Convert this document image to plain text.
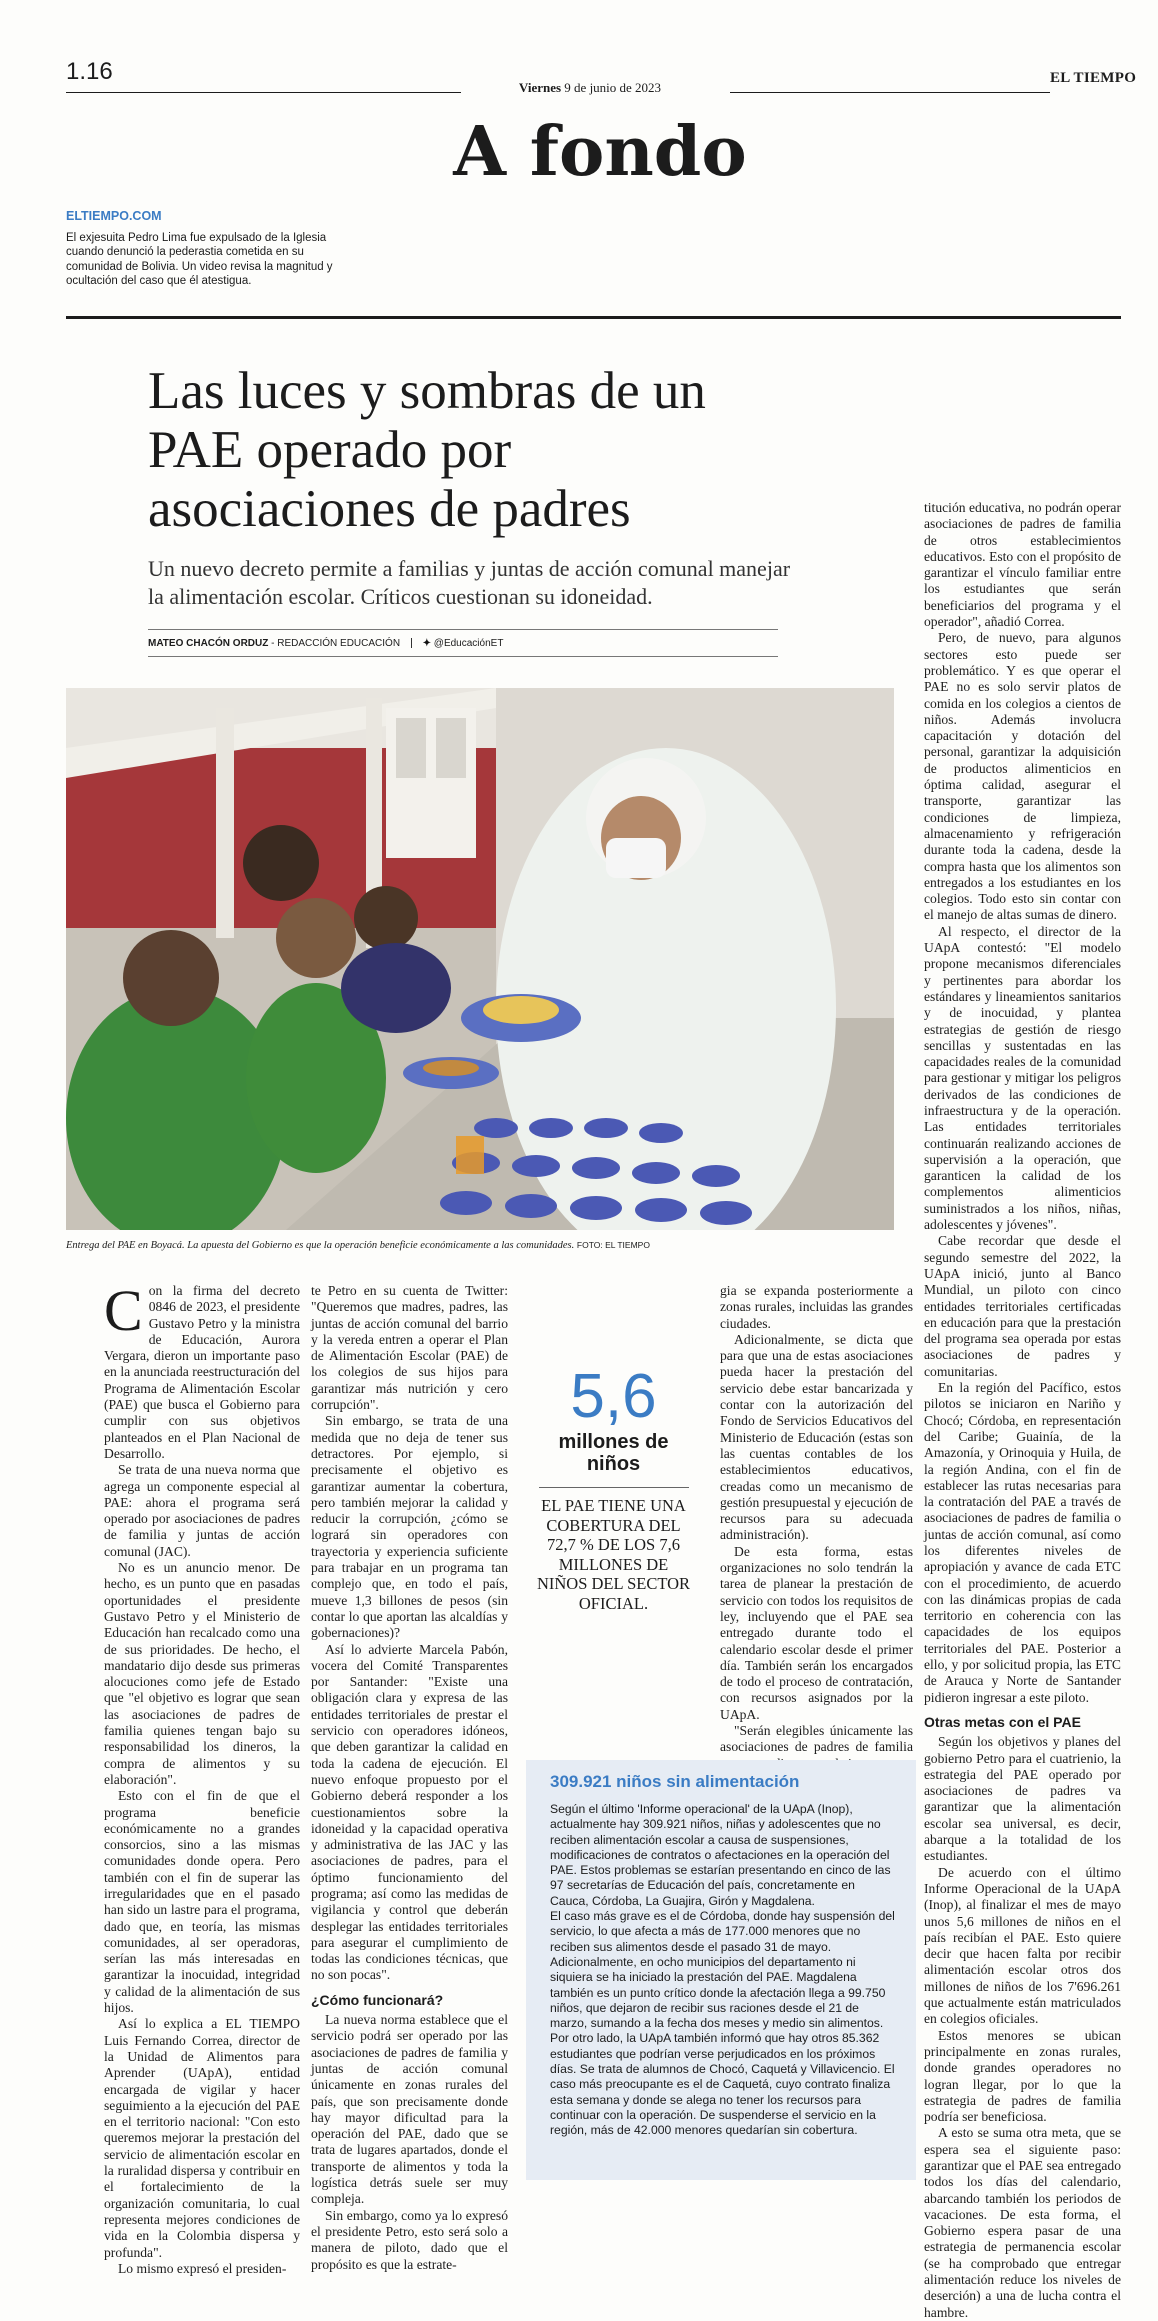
1.16
Viernes 9 de junio de 2023
EL TIEMPO
A fondo
ELTIEMPO.COM
El exjesuita Pedro Lima fue expulsado de la Iglesia cuando denunció la pederastia cometida en su comunidad de Bolivia. Un video revisa la magnitud y ocultación del caso que él atestigua.
Las luces y sombras de un PAE operado por asociaciones de padres
Un nuevo decreto permite a familias y juntas de acción comunal manejar la alimentación escolar. Críticos cuestionan su idoneidad.
MATEO CHACÓN ORDUZ - REDACCIÓN EDUCACIÓN ✦ @EducaciónET
Entrega del PAE en Boyacá. La apuesta del Gobierno es que la operación beneficie económicamente a las comunidades. FOTO: EL TIEMPO
C on la firma del decreto 0846 de 2023, el presidente Gustavo Petro y la ministra de Educación, Aurora Vergara, dieron un importante paso en la anunciada reestructuración del Programa de Alimentación Escolar (PAE) que busca el Gobierno para cumplir con sus objetivos planteados en el Plan Nacional de Desarrollo.

Se trata de una nueva norma que agrega un componente especial al PAE: ahora el programa será operado por asociaciones de padres de familia y juntas de acción comunal (JAC).

No es un anuncio menor. De hecho, es un punto que en pasadas oportunidades el presidente Gustavo Petro y el Ministerio de Educación han recalcado como una de sus prioridades. De hecho, el mandatario dijo desde sus primeras alocuciones como jefe de Estado que "el objetivo es lograr que sean las asociaciones de padres de familia quienes tengan bajo su responsabilidad los dineros, la compra de alimentos y su elaboración".

Esto con el fin de que el programa beneficie económicamente no a grandes consorcios, sino a las mismas comunidades donde opera. Pero también con el fin de superar las irregularidades que en el pasado han sido un lastre para el programa, dado que, en teoría, las mismas comunidades, al ser operadoras, serían las más interesadas en garantizar la inocuidad, integridad y calidad de la alimentación de sus hijos.

Así lo explica a EL TIEMPO Luis Fernando Correa, director de la Unidad de Alimentos para Aprender (UApA), entidad encargada de vigilar y hacer seguimiento a la ejecución del PAE en el territorio nacional: "Con esto queremos mejorar la prestación del servicio de alimentación escolar en la ruralidad dispersa y contribuir en el fortalecimiento de la organización comunitaria, lo cual representa mejores condiciones de vida en la Colombia dispersa y profunda".

Lo mismo expresó el presiden-

te Petro en su cuenta de Twitter: "Queremos que madres, padres, las juntas de acción comunal del barrio y la vereda entren a operar el Plan de Alimentación Escolar (PAE) de los colegios de sus hijos para garantizar más nutrición y cero corrupción".

Sin embargo, se trata de una medida que no deja de tener sus detractores. Por ejemplo, si precisamente el objetivo es garantizar aumentar la cobertura, pero también mejorar la calidad y reducir la corrupción, ¿cómo se logrará sin operadores con trayectoria y experiencia suficiente para trabajar en un programa tan complejo que, en todo el país, mueve 1,3 billones de pesos (sin contar lo que aportan las alcaldías y gobernaciones)?

Así lo advierte Marcela Pabón, vocera del Comité Transparentes por Santander: "Existe una obligación clara y expresa de las entidades territoriales de prestar el servicio con operadores idóneos, que deben garantizar la calidad en toda la cadena de ejecución. El nuevo enfoque propuesto por el Gobierno deberá responder a los cuestionamientos sobre la idoneidad y la capacidad operativa y administrativa de las JAC y las asociaciones de padres, para el óptimo funcionamiento del programa; así como las medidas de vigilancia y control que deberán desplegar las entidades territoriales para asegurar el cumplimiento de todas las condiciones técnicas, que no son pocas".

¿Cómo funcionará?

La nueva norma establece que el servicio podrá ser operado por las asociaciones de padres de familia y juntas de acción comunal únicamente en zonas rurales del país, que son precisamente donde hay mayor dificultad para la operación del PAE, dado que se trata de lugares apartados, donde el transporte de alimentos y toda la logística detrás suele ser muy compleja.

Sin embargo, como ya lo expresó el presidente Petro, esto será solo a manera de piloto, dado que el propósito es que la estrate-

5,6
millones de niños
EL PAE TIENE UNA COBERTURA DEL 72,7 % DE LOS 7,6 MILLONES DE NIÑOS DEL SECTOR OFICIAL.

gia se expanda posteriormente a zonas rurales, incluidas las grandes ciudades.

Adicionalmente, se dicta que para que una de estas asociaciones pueda hacer la prestación del servicio debe estar bancarizada y contar con la autorización del Fondo de Servicios Educativos del Ministerio de Educación (estas son las cuentas contables de los establecimientos educativos, creadas como un mecanismo de gestión presupuestal y ejecución de recursos para su adecuada administración).

De esta forma, estas organizaciones no solo tendrán la tarea de planear la prestación de servicio con todos los requisitos de ley, incluyendo que el PAE sea entregado durante todo el calendario escolar desde el primer día. También serán los encargados de todo el proceso de contratación, con recursos asignados por la UApA.

"Serán elegibles únicamente las asociaciones de padres de familia

309.921 niños sin alimentación
Según el último 'Informe operacional' de la UApA (Inop), actualmente hay 309.921 niños, niñas y adolescentes que no reciben alimentación escolar a causa de suspensiones, modificaciones de contratos o afectaciones en la operación del PAE. Estos problemas se estarían presentando en cinco de las 97 secretarías de Educación del país, concretamente en Cauca, Córdoba, La Guajira, Girón y Magdalena.
El caso más grave es el de Córdoba, donde hay suspensión del servicio, lo que afecta a más de 177.000 menores que no reciben sus alimentos desde el pasado 31 de mayo. Adicionalmente, en ocho municipios del departamento ni siquiera se ha iniciado la prestación del PAE. Magdalena también es un punto crítico donde la afectación llega a 99.750 niños, que dejaron de recibir sus raciones desde el 21 de marzo, sumando a la fecha dos meses y medio sin alimentos.
Por otro lado, la UApA también informó que hay otros 85.362 estudiantes que podrían verse perjudicados en los próximos días. Se trata de alumnos de Chocó, Caquetá y Villavicencio. El caso más preocupante es el de Caquetá, cuyo contrato finaliza esta semana y donde se alega no tener los recursos para continuar con la operación. De suspenderse el servicio en la región, más de 42.000 menores quedarían sin cobertura.

titución educativa, no podrán operar asociaciones de padres de familia de otros establecimientos educativos. Esto con el propósito de garantizar el vínculo familiar entre los estudiantes que serán beneficiarios del programa y el operador", añadió Correa.

Pero, de nuevo, para algunos sectores esto puede ser problemático. Y es que operar el PAE no es solo servir platos de comida en los colegios a cientos de niños. Además involucra capacitación y dotación del personal, garantizar la adquisición de productos alimenticios en óptima calidad, asegurar el transporte, garantizar las condiciones de limpieza, almacenamiento y refrigeración durante toda la cadena, desde la compra hasta que los alimentos son entregados a los estudiantes en los colegios. Todo esto sin contar con el manejo de altas sumas de dinero.

Al respecto, el director de la UApA contestó: "El modelo propone mecanismos diferenciales y pertinentes para abordar los estándares y lineamientos sanitarios y de inocuidad, y plantea estrategias de gestión de riesgo sencillas y sustentadas en las capacidades reales de la comunidad para gestionar y mitigar los peligros derivados de las condiciones de infraestructura y de la operación. Las entidades territoriales continuarán realizando acciones de supervisión a la operación, que garanticen la calidad de los complementos alimenticios suministrados a los niños, niñas, adolescentes y jóvenes".

Cabe recordar que desde el segundo semestre del 2022, la UApA inició, junto al Banco Mundial, un piloto con cinco entidades territoriales certificadas en educación para que la prestación del programa sea operada por estas asociaciones de padres y comunitarias.

En la región del Pacífico, estos pilotos se iniciaron en Nariño y Chocó; Córdoba, en representación del Caribe; Guainía, de la Amazonía, y Orinoquia y Huila, de la región Andina, con el fin de establecer las rutas necesarias para la contratación del PAE a través de asociaciones de padres de familia o juntas de acción comunal, así como los diferentes niveles de apropiación y avance de cada ETC con el procedimiento, de acuerdo con las dinámicas propias de cada territorio en coherencia con las capacidades de los equipos territoriales del PAE. Posterior a ello, y por solicitud propia, las ETC de Arauca y Norte de Santander pidieron ingresar a este piloto.

Otras metas con el PAE

Según los objetivos y planes del gobierno Petro para el cuatrienio, la estrategia del PAE operado por asociaciones de padres va garantizar que la alimentación escolar sea universal, es decir, abarque a la totalidad de los estudiantes.

De acuerdo con el último Informe Operacional de la UApA (Inop), al finalizar el mes de mayo unos 5,6 millones de niños en el país recibían el PAE. Esto quiere decir que hacen falta por recibir alimentación escolar otros dos millones de niños de los 7'696.261 que actualmente están matriculados en colegios oficiales.

Estos menores se ubican principalmente en zonas rurales, donde grandes operadores no logran llegar, por lo que la estrategia de padres de familia podría ser beneficiosa.

A esto se suma otra meta, que se espera sea el siguiente paso: garantizar que el PAE sea entregado todos los días del calendario, abarcando también los periodos de vacaciones. De esta forma, el Gobierno espera pasar de una estrategia de permanencia escolar (se ha comprobado que entregar alimentación reduce los niveles de deserción) a una de lucha contra el hambre.
